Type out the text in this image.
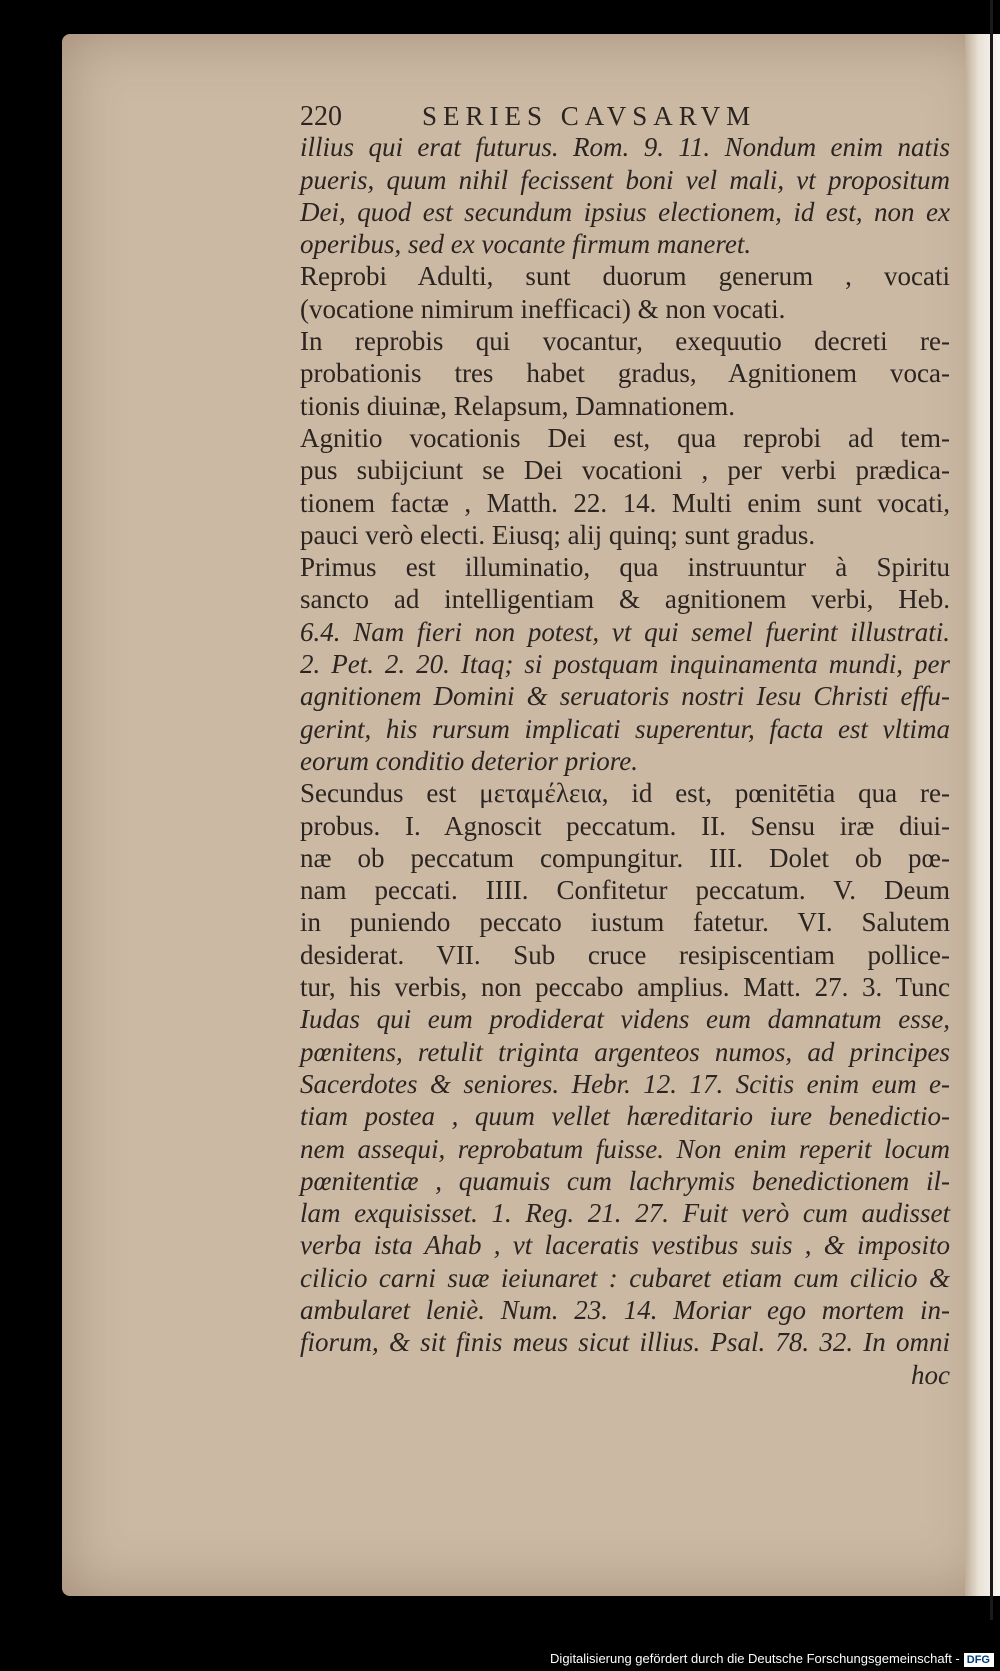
220	SERIES CAVSARVM
illius qui erat futurus. Rom. 9. 11. Nondum enim natis
pueris, quum nihil fecissent boni vel mali, vt propositum
Dei, quod est secundum ipsius electionem, id est, non ex
operibus, sed ex vocante firmum maneret.
Reprobi Adulti, sunt duorum generum , vocati
(vocatione nimirum inefficaci) & non vocati.
In reprobis qui vocantur, exequutio decreti re-
probationis tres habet gradus, Agnitionem voca-
tionis diuinæ, Relapsum, Damnationem.
Agnitio vocationis Dei est, qua reprobi ad tem-
pus subijciunt se Dei vocationi , per verbi prædica-
tionem factæ , Matth. 22. 14. Multi enim sunt vocati,
pauci verò electi. Eiusq; alij quinq; sunt gradus.
Primus est illuminatio, qua instruuntur à Spiritu
sancto ad intelligentiam & agnitionem verbi, Heb.
6.4. Nam fieri non potest, vt qui semel fuerint illustrati.
2. Pet. 2. 20. Itaq; si postquam inquinamenta mundi, per
agnitionem Domini & seruatoris nostri Iesu Christi effu-
gerint, his rursum implicati superentur, facta est vltima
eorum conditio deterior priore.
Secundus est μεταμέλεια, id est, pœnitētia qua re-
probus. I. Agnoscit peccatum. II. Sensu iræ diui-
næ ob peccatum compungitur. III. Dolet ob pœ-
nam peccati. IIII. Confitetur peccatum. V. Deum
in puniendo peccato iustum fatetur. VI. Salutem
desiderat. VII. Sub cruce resipiscentiam pollice-
tur, his verbis, non peccabo amplius. Matt. 27. 3. Tunc
Iudas qui eum prodiderat videns eum damnatum esse,
pœnitens, retulit triginta argenteos numos, ad principes
Sacerdotes & seniores. Hebr. 12. 17. Scitis enim eum e-
tiam postea , quum vellet hæreditario iure benedictio-
nem assequi, reprobatum fuisse. Non enim reperit locum
pœnitentiæ , quamuis cum lachrymis benedictionem il-
lam exquisisset. 1. Reg. 21. 27. Fuit verò cum audisset
verba ista Ahab , vt laceratis vestibus suis , & imposito
cilicio carni suæ ieiunaret : cubaret etiam cum cilicio &
ambularet leniè. Num. 23. 14. Moriar ego mortem in-
fiorum, & sit finis meus sicut illius. Psal. 78. 32. In omni
hoc
Digitalisierung gefördert durch die Deutsche Forschungsgemeinschaft - DFG
